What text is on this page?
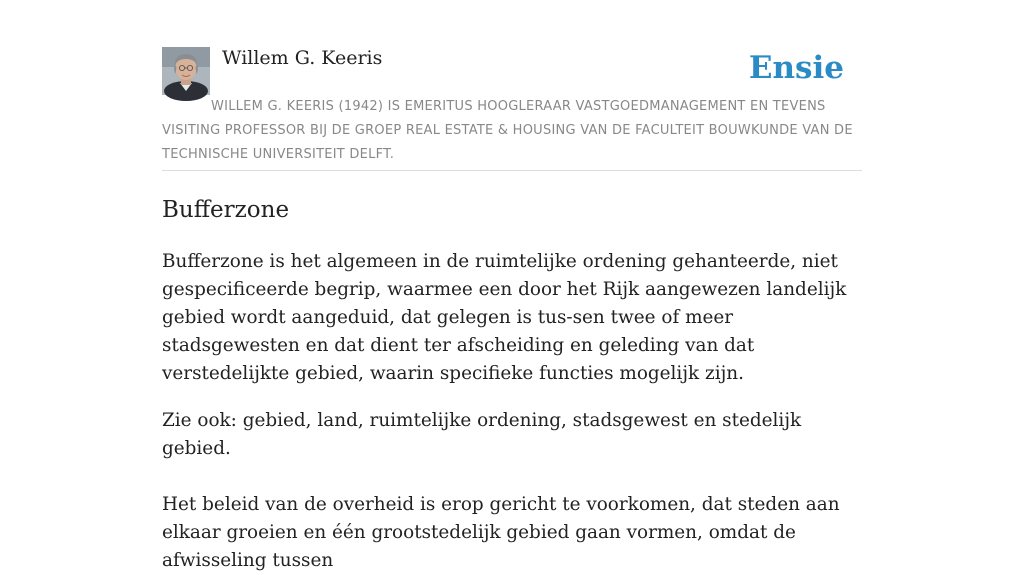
Willem G. Keeris	Ensie

WILLEM G. KEERIS (1942) IS EMERITUS HOOGLERAAR VASTGOEDMANAGEMENT EN TEVENS VISITING PROFESSOR BIJ DE GROEP REAL ESTATE & HOUSING VAN DE FACULTEIT BOUWKUNDE VAN DE TECHNISCHE UNIVERSITEIT DELFT.

Bufferzone

Bufferzone is het algemeen in de ruimtelijke ordening gehanteerde, niet gespecificeerde begrip, waarmee een door het Rijk aangewezen landelijk gebied wordt aangeduid, dat gelegen is tus-sen twee of meer stadsgewesten en dat dient ter afscheiding en geleding van dat verstedelijkte gebied, waarin specifieke functies mogelijk zijn.

Zie ook: gebied, land, ruimtelijke ordening, stadsgewest en stedelijk gebied.

Het beleid van de overheid is erop gericht te voorkomen, dat steden aan elkaar groeien en één grootstedelijk gebied gaan vormen, omdat de afwisseling tussen
